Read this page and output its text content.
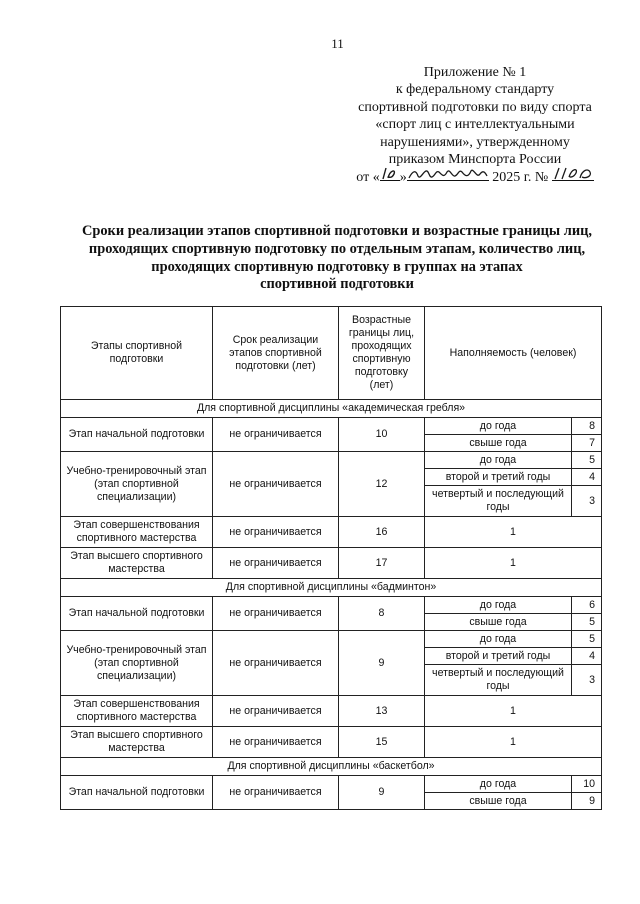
11
Приложение № 1
к федеральному стандарту
спортивной подготовки по виду спорта
«спорт лиц с интеллектуальными
нарушениями», утвержденному
приказом Минспорта России
от « »	2025 г. №
Сроки реализации этапов спортивной подготовки и возрастные границы лиц,
проходящих спортивную подготовку по отдельным этапам, количество лиц,
проходящих спортивную подготовку в группах на этапах
спортивной подготовки
Этапы спортивной подготовки	Срок реализации этапов спортивной подготовки (лет)	Возрастные границы лиц, проходящих спортивную подготовку (лет)	Наполняемость (человек)	
Для спортивной дисциплины «академическая гребля»				
Этап начальной подготовки	не ограничивается	10	до года	8
			свыше года	7
Учебно-тренировочный этап (этап спортивной специализации)	не ограничивается	12	до года	5
			второй и третий годы	4
			четвертый и последующий годы	3
Этап совершенствования спортивного мастерства	не ограничивается	16	1	
Этап высшего спортивного мастерства	не ограничивается	17	1	
Для спортивной дисциплины «бадминтон»				
Этап начальной подготовки	не ограничивается	8	до года	6
			свыше года	5
Учебно-тренировочный этап (этап спортивной специализации)	не ограничивается	9	до года	5
			второй и третий годы	4
			четвертый и последующий годы	3
Этап совершенствования спортивного мастерства	не ограничивается	13	1	
Этап высшего спортивного мастерства	не ограничивается	15	1	
Для спортивной дисциплины «баскетбол»				
Этап начальной подготовки	не ограничивается	9	до года	10
			свыше года	9
